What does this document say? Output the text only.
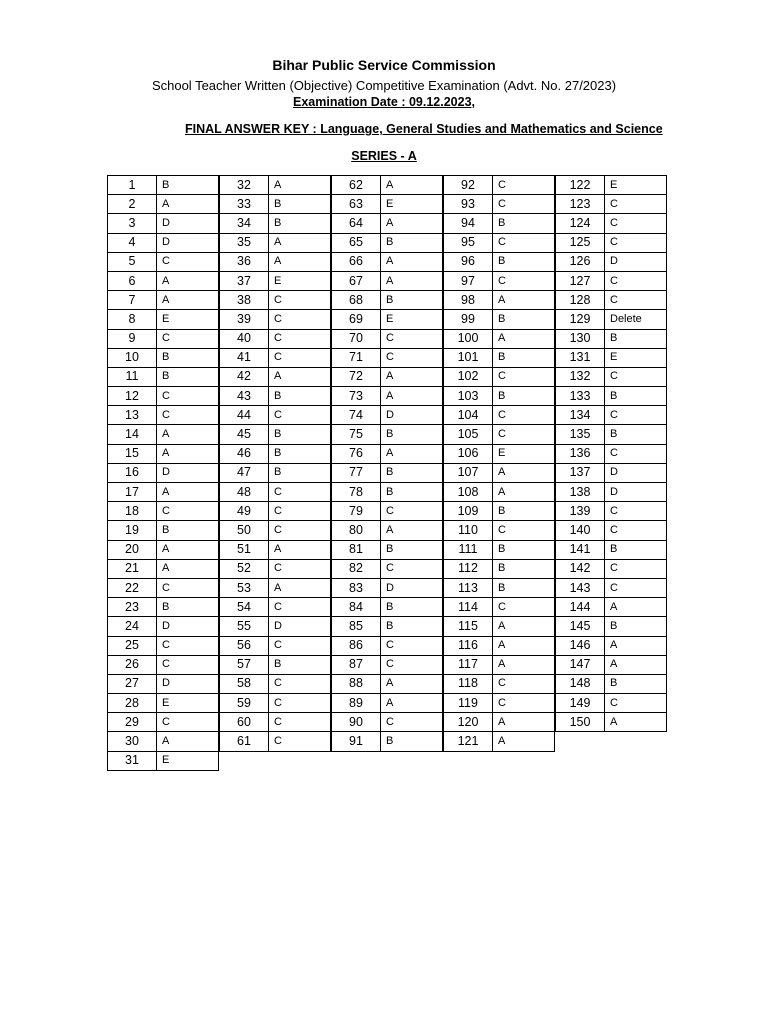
Bihar Public Service Commission
School Teacher Written (Objective) Competitive Examination (Advt. No. 27/2023)
Examination Date : 09.12.2023,
FINAL ANSWER KEY : Language, General Studies and Mathematics and Science
SERIES - A
1	B
2	A
3	D
4	D
5	C
6	A
7	A
8	E
9	C
10	B
11	B
12	C
13	C
14	A
15	A
16	D
17	A
18	C
19	B
20	A
21	A
22	C
23	B
24	D
25	C
26	C
27	D
28	E
29	C
30	A
31	E
32	A
33	B
34	B
35	A
36	A
37	E
38	C
39	C
40	C
41	C
42	A
43	B
44	C
45	B
46	B
47	B
48	C
49	C
50	C
51	A
52	C
53	A
54	C
55	D
56	C
57	B
58	C
59	C
60	C
61	C
62	A
63	E
64	A
65	B
66	A
67	A
68	B
69	E
70	C
71	C
72	A
73	A
74	D
75	B
76	A
77	B
78	B
79	C
80	A
81	B
82	C
83	D
84	B
85	B
86	C
87	C
88	A
89	A
90	C
91	B
92	C
93	C
94	B
95	C
96	B
97	C
98	A
99	B
100	A
101	B
102	C
103	B
104	C
105	C
106	E
107	A
108	A
109	B
110	C
111	B
112	B
113	B
114	C
115	A
116	A
117	A
118	C
119	C
120	A
121	A
122	E
123	C
124	C
125	C
126	D
127	C
128	C
129	Delete
130	B
131	E
132	C
133	B
134	C
135	B
136	C
137	D
138	D
139	C
140	C
141	B
142	C
143	C
144	A
145	B
146	A
147	A
148	B
149	C
150	A
